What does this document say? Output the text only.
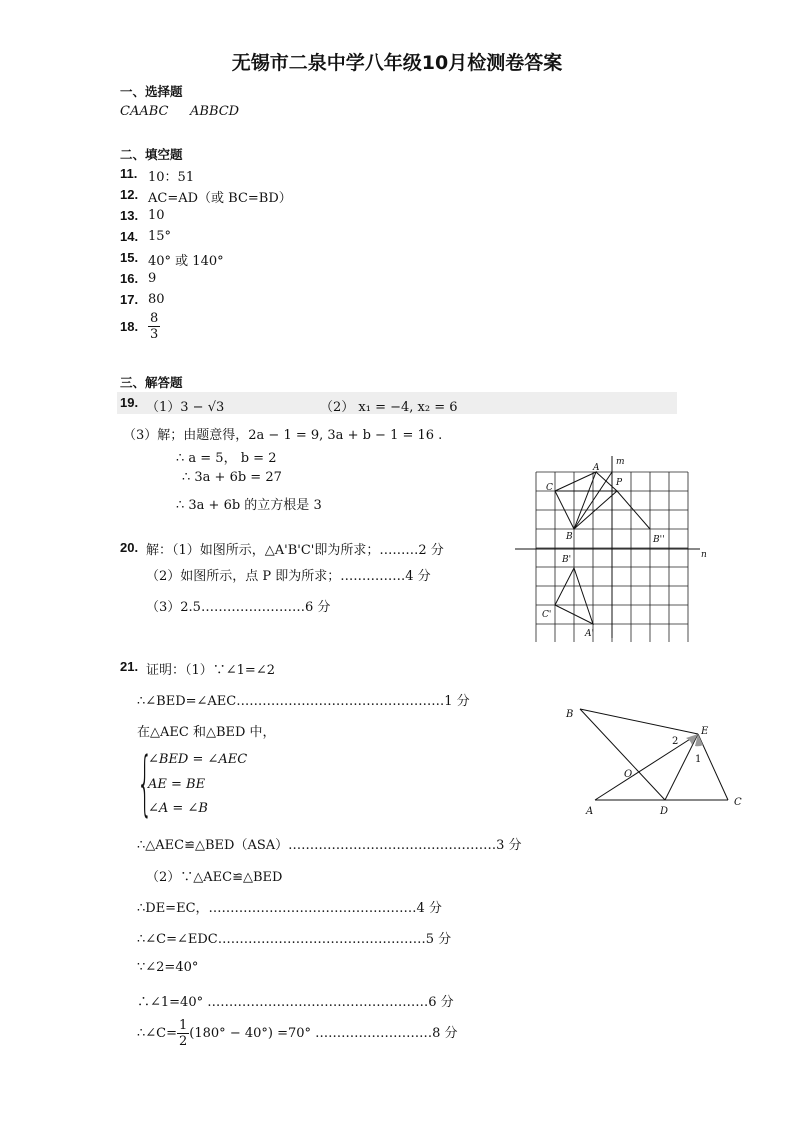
无锡市二泉中学八年级10月检测卷答案
一、选择题
CAABC ABBCD
二、填空题
11. 10：51
12. AC=AD（或 BC=BD）
13. 10
14. 15°
15. 40° 或 140°
16. 9
17. 80
18. $\frac{8}{3}$
三、解答题
19. （1）3 − √3	（2） x₁ = −4, x₂ = 6
（3）解；由题意得，2a − 1 = 9, 3a + b − 1 = 16 .
∴ a = 5， b = 2
∴ 3a + 6b = 27
∴ 3a + 6b 的立方根是 3
20. 解：（1）如图所示，△A'B'C'即为所求；………2 分
（2）如图所示，点 P 即为所求；……………4 分
（3）2.5……………………6 分
A
m
C	P
B	B''
n
B'
C'
A'
21. 证明：（1）∵∠1=∠2
∴∠BED=∠AEC…………………………………………1 分
在△AEC 和△BED 中，
{
∠BED = ∠AEC
AE = BE
∠A = ∠B
∴△AEC≌△BED（ASA）…………………………………………3 分
（2）∵△AEC≌△BED
∴DE=EC，…………………………………………4 分
∴∠C=∠EDC…………………………………………5 分
∵∠2=40°
∴∠1=40° ……………………………………………6 分
∴∠C= $\frac{1}{2} (180^\circ - 40^\circ) =70^\circ$ ………………………8 分
B
E
2
1
O
A	D
C
